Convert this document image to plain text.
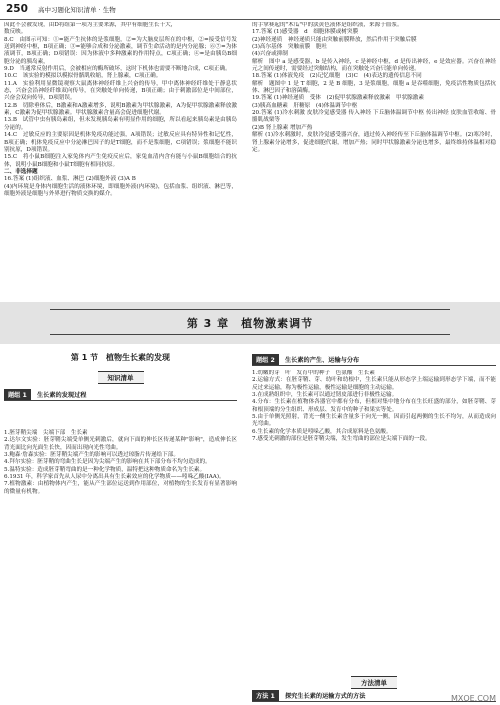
250 高中习题化知识清单 · 生物

因此不会被发现，由D将组第一项为主要来源，其中有细胞生长十大，

数反映。

8.C　由图示可知：①=能产生抗体的是浆细胞，②=为大脑皮层所在的中枢，②=接受信号发送到神经中枢，B项正确；③=能够合成和分泌激素，调节生命活动的是内分泌腺；⑥⑦=为体液调节，B项正确；D项错误：因为体液中多种激素的作用特点，C项正确；④=是由胰岛B细胞分泌的胰岛素，

9.D　当通常反射作用后，会被相应的酶所破坏，这时下机体也需要不断地合成，C项正确。

10.C　该实验的模拟以模拟骨骼肌收缩，肾上腺素，C项正确。

11.A　实验利用显微镜观察大鼠离体神经纤维上兴奋的传导，甲中离体神经纤维处于静息状态，兴奋会沿神经纤维双向传导，在突触处单向传递，B项正确；由于刺激部位是中间部位，兴奋会双向传导，D项错误。

12.B　切除垂体后，B激素和A激素增多，说明B激素为甲状腺激素，A为促甲状腺激素释放激素，C激素为促甲状腺激素。甲状腺激素含量高会促进细胞代谢。

13.B　试管中虫有胰岛素组，但未发现胰岛素有明显作用的细胞，所以看起来胰岛素是由胰岛分泌的。

14.C　过敏反应的主要原因是机体免疫功能过强，A项错误；过敏反应具有特异性和记忆性，B项正确；机体免疫反应中分泌淋巴因子的是T细胞，而不是浆细胞，C项错误；浆细胞不能识别抗原，D项错误。

15.C　将小鼠B细胞注入家兔体内产生免疫反应后，家兔血清内含有能与小鼠B细胞结合的抗体，说明小鼠B细胞和小鼠T细胞有相同抗原。

二、非选择题

16.答案 (1)组织液、血浆、淋巴 (2)细胞外液 (3)A B

(4)内环境是身体内细胞生活的液体环境，即细胞外液(内环境)，包括血浆、组织液、淋巴等，细胞外液是细胞与外界进行物质交换的媒介。

的手掌赛起的"木瓜"中的淡黄色液体是组织液，来源于血浆。

17.答案 (1)感受器　d　细胞体膜或树突膜

(2)神经递质　神经递质只能由突触前膜释放，然后作用于突触后膜

(3)高尔基体　突触前膜　胞吐

(4)兴奋或抑制

解析　图中 a 是感受器，b 是传入神经，c 是神经中枢，d 是传出神经，e 是效应器。兴奋在神经元之间传递时，需要经过突触结构，而在突触处兴奋只能单向传递。

18.答案 (1)体液免疫　(2)记忆细胞　(3)C　(4)表达的遗传信息不同

解析　题图中 1 是 T 细胞，2 是 B 细胞，3 是浆细胞，细胞 a 是吞噬细胞，免疫活性物质包括抗体、淋巴因子和溶菌酶。

19.答案 (1)神经递质　受体　(2)促甲状腺激素释放激素　甲状腺激素

(3)胰高血糖素　肝糖原　(4)体温调节中枢

20.答案 (1)冷水刺激 皮肤冷觉感受器 传入神经 下丘脑体温调节中枢 传出神经 皮肤血管收缩、骨骼肌战栗等

(2)B 肾上腺素 增加产热

解析 (1)冷水刺激时，皮肤冷觉感受器兴奋，通过传入神经传至下丘脑体温调节中枢。(2)寒冷时，肾上腺素分泌增多，促进细胞代谢，增加产热；同时甲状腺激素分泌也增多，最终维持体温相对稳定。

第 3 章　植物激素调节
第 1 节　植物生长素的发现
知识清单
题组 1 生长素的发现过程

1.胚芽鞘尖端　尖端下部　生长素

2.达尔文实验：胚芽鞘尖端受单侧光刺激后，就向下面的伸长区传递某种"影响"，造成伸长区背光面比向光面生长快，因而出现向光性弯曲。

3.鲍森·詹森实验：胚芽鞘尖端产生的影响可以透过琼脂片传递给下部。

4.拜尔实验：胚芽鞘的弯曲生长是因为尖端产生的影响在其下部分布不均匀造成的。

5.温特实验：造成胚芽鞘弯曲的是一种化学物质，温特把这种物质命名为生长素。

6.1931 年，科学家首先从人尿中分离出具有生长素效应的化学物质——吲哚乙酸(IAA)。

7.植物激素：由植物体内产生，能从产生部位运送到作用部位，对植物的生长发育有显著影响的微量有机物。

题组 2 生长素的产生、运输与分布

1.幼嫩的芽　叶　发育中的种子　色氨酸　生长素

2.运输方式：在胚芽鞘、芽、幼叶和幼根中，生长素只能从形态学上端运输到形态学下端，而不能反过来运输，称为极性运输，极性运输是细胞的主动运输。

3.在成熟组织中，生长素可以通过韧皮部进行非极性运输。

4.分布：生长素在植物体各器官中都有分布，但相对集中地分布在生长旺盛的部分，如胚芽鞘、芽和根顶端的分生组织、形成层、发育中的种子和果实等处。

5.由于单侧光照射，背光一侧生长素含量多于向光一侧，因而引起两侧的生长不均匀，从而造成向光弯曲。

6.生长素的化学本质是吲哚乙酸，其合成原料是色氨酸。

7.感受光刺激的部位是胚芽鞘尖端，发生弯曲的部位是尖端下面的一段。

方法清单
方法 1 探究生长素的运输方式的方法	MXQE.COM
